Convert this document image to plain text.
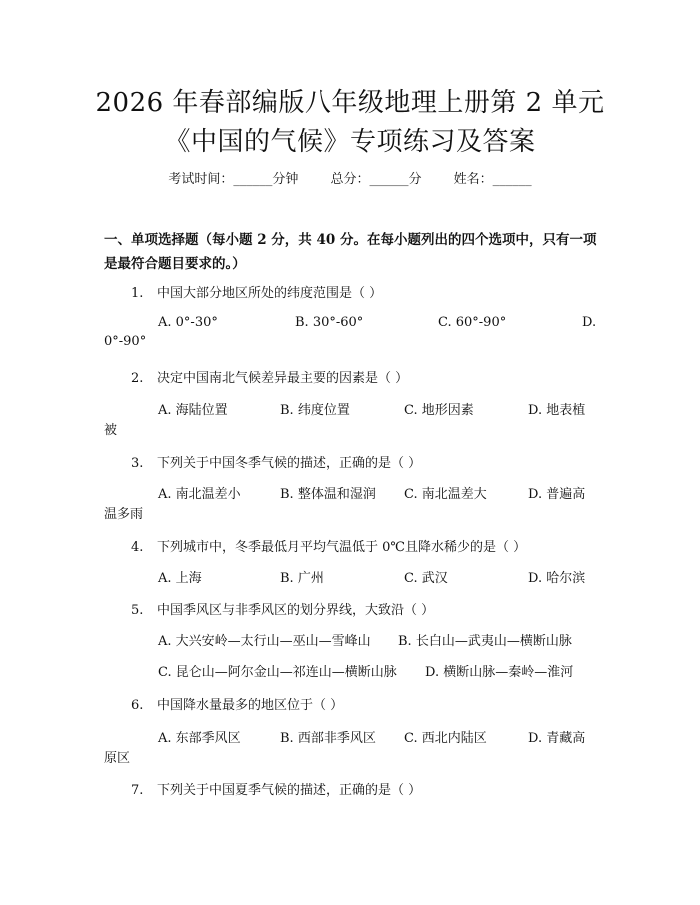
2026 年春部编版八年级地理上册第 2 单元
《中国的气候》专项练习及答案
考试时间：______分钟 总分：______分 姓名：______
一、单项选择题（每小题 2 分，共 40 分。在每小题列出的四个选项中，只有一项是最符合题目要求的。）
1. 中国大部分地区所处的纬度范围是（ ）
A. 0°-30°	B. 30°-60°	C. 60°-90°	D.
0°-90°
2. 决定中国南北气候差异最主要的因素是（ ）
A. 海陆位置	B. 纬度位置	C. 地形因素	D. 地表植
被
3. 下列关于中国冬季气候的描述，正确的是（ ）
A. 南北温差小	B. 整体温和湿润 C. 南北温差大	D. 普遍高
温多雨
4. 下列城市中，冬季最低月平均气温低于 0℃且降水稀少的是（ ）
A. 上海	B. 广州	C. 武汉	D. 哈尔滨
5. 中国季风区与非季风区的划分界线，大致沿（ ）
A. 大兴安岭—太行山—巫山—雪峰山 B. 长白山—武夷山—横断山脉
C. 昆仑山—阿尔金山—祁连山—横断山脉 D. 横断山脉—秦岭—淮河
6. 中国降水量最多的地区位于（ ）
A. 东部季风区	B. 西部非季风区 C. 西北内陆区	D. 青藏高
原区
7. 下列关于中国夏季气候的描述，正确的是（ ）
